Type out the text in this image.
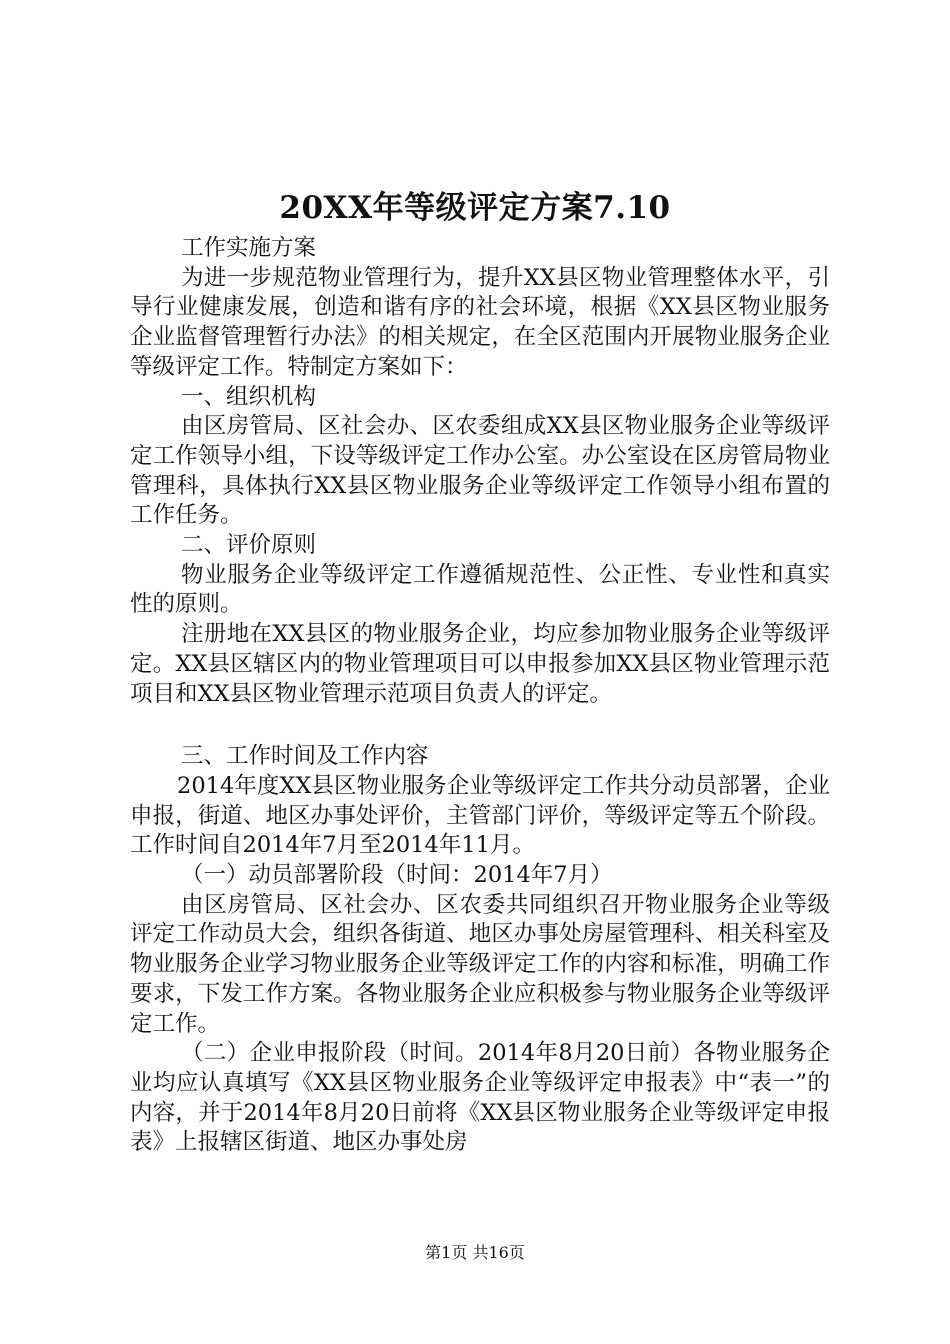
20XX年等级评定方案7.10

工作实施方案

为进一步规范物业管理行为，提升XX县区物业管理整体水平，引导行业健康发展，创造和谐有序的社会环境，根据《XX县区物业服务企业监督管理暂行办法》的相关规定，在全区范围内开展物业服务企业等级评定工作。特制定方案如下：

一、组织机构

由区房管局、区社会办、区农委组成XX县区物业服务企业等级评定工作领导小组，下设等级评定工作办公室。办公室设在区房管局物业管理科，具体执行XX县区物业服务企业等级评定工作领导小组布置的工作任务。

二、评价原则

物业服务企业等级评定工作遵循规范性、公正性、专业性和真实性的原则。

注册地在XX县区的物业服务企业，均应参加物业服务企业等级评定。XX县区辖区内的物业管理项目可以申报参加XX县区物业管理示范项目和XX县区物业管理示范项目负责人的评定。

三、工作时间及工作内容

2014年度XX县区物业服务企业等级评定工作共分动员部署，企业申报，街道、地区办事处评价，主管部门评价，等级评定等五个阶段。工作时间自2014年7月至2014年11月。

（一）动员部署阶段（时间：2014年7月）

由区房管局、区社会办、区农委共同组织召开物业服务企业等级评定工作动员大会，组织各街道、地区办事处房屋管理科、相关科室及物业服务企业学习物业服务企业等级评定工作的内容和标准，明确工作要求，下发工作方案。各物业服务企业应积极参与物业服务企业等级评定工作。

（二）企业申报阶段（时间。2014年8月20日前）各物业服务企业均应认真填写《XX县区物业服务企业等级评定申报表》中“表一”的内容，并于2014年8月20日前将《XX县区物业服务企业等级评定申报表》上报辖区街道、地区办事处房

第1页 共16页
